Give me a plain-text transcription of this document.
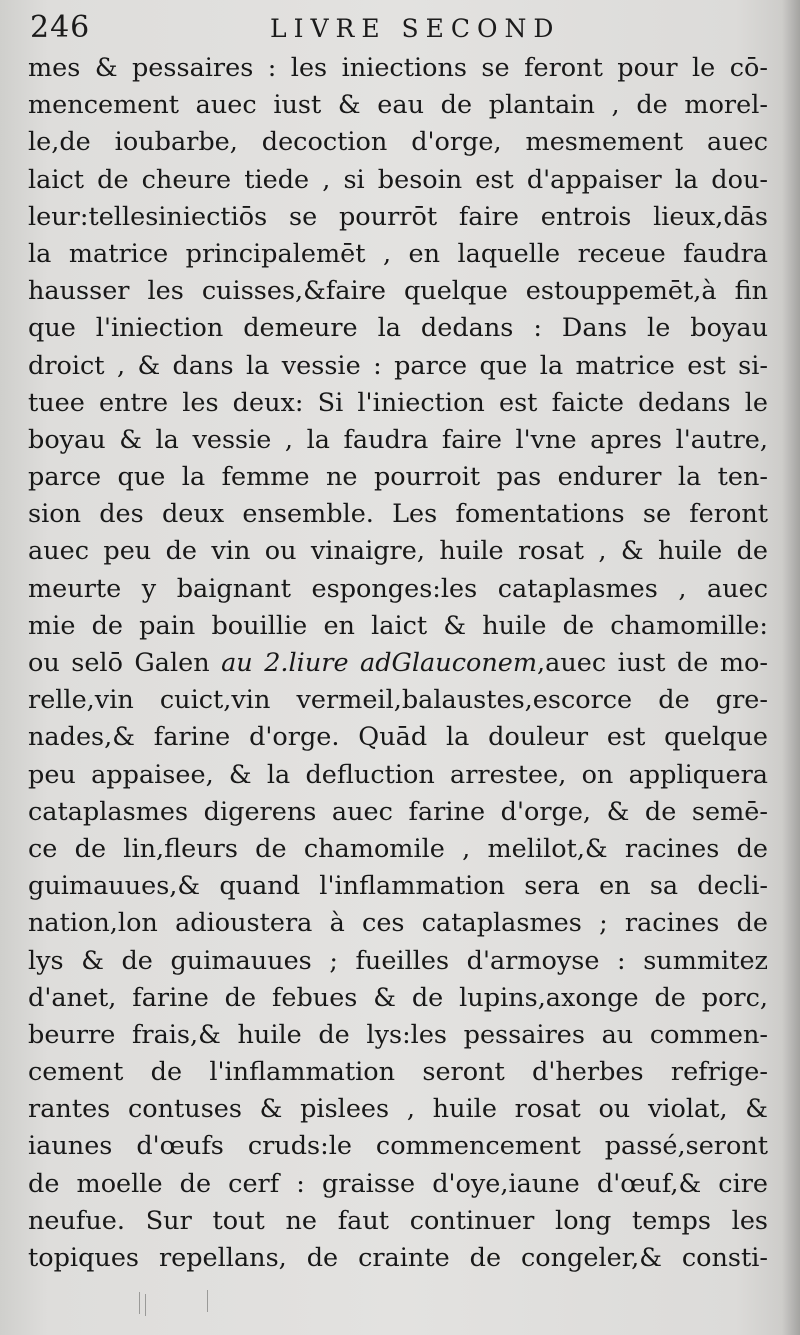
246	LIVRE SECOND
mes & pessaires : les iniections se feront pour le cō-
mencement auec iust & eau de plantain , de morel-
le,de ioubarbe, decoction d'orge, mesmement auec
laict de cheure tiede , si besoin est d'appaiser la dou-
leur:tellesiniectiōs se pourrōt faire entrois lieux,dās
la matrice principalemēt , en laquelle receue faudra
hausser les cuisses,&faire quelque estouppemēt,à fin
que l'iniection demeure la dedans : Dans le boyau
droict , & dans la vessie : parce que la matrice est si-
tuee entre les deux: Si l'iniection est faicte dedans le
boyau & la vessie , la faudra faire l'vne apres l'autre,
parce que la femme ne pourroit pas endurer la ten-
sion des deux ensemble. Les fomentations se feront
auec peu de vin ou vinaigre, huile rosat , & huile de
meurte y baignant esponges:les cataplasmes , auec
mie de pain bouillie en laict & huile de chamomille:
ou selō Galen au 2.liure adGlauconem,auec iust de mo-
relle,vin cuict,vin vermeil,balaustes,escorce de gre-
nades,& farine d'orge. Quād la douleur est quelque
peu appaisee, & la defluction arrestee, on appliquera
cataplasmes digerens auec farine d'orge, & de semē-
ce de lin,fleurs de chamomile , melilot,& racines de
guimauues,& quand l'inflammation sera en sa decli-
nation,lon adioustera à ces cataplasmes ; racines de
lys & de guimauues ; fueilles d'armoyse : summitez
d'anet, farine de febues & de lupins,axonge de porc,
beurre frais,& huile de lys:les pessaires au commen-
cement de l'inflammation seront d'herbes refrige-
rantes contuses & pislees , huile rosat ou violat, &
iaunes d'œufs cruds:le commencement passé,seront
de moelle de cerf : graisse d'oye,iaune d'œuf,& cire
neufue. Sur tout ne faut continuer long temps les
topiques repellans, de crainte de congeler,& consti-
